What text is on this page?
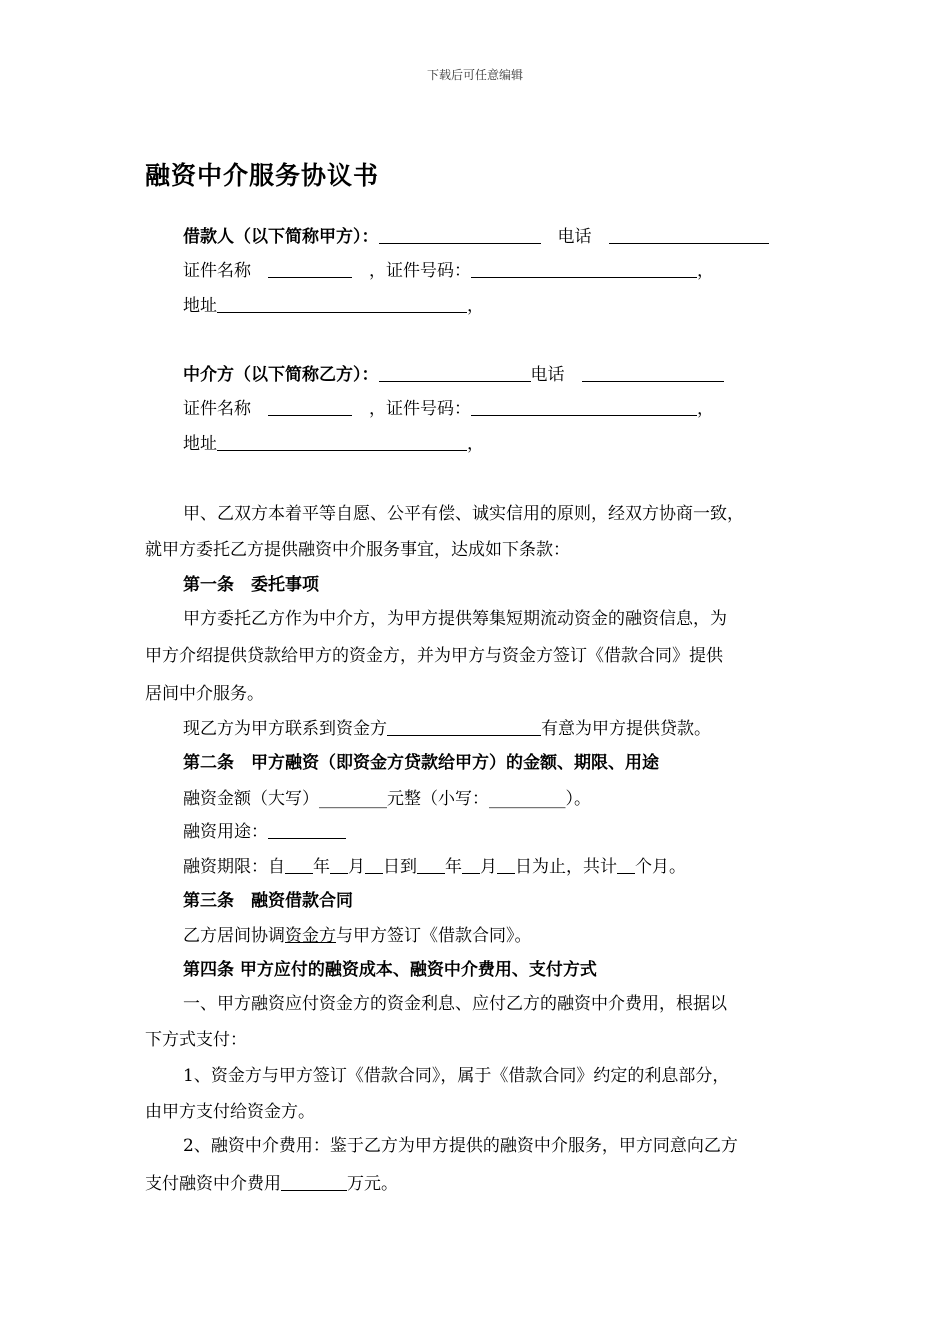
下载后可任意编辑
融资中介服务协议书
借款人（以下简称甲方）：　	电话　
证件名称　　	，证件号码：	，
地址	，
中介方（以下简称乙方）：	电话　
证件名称　　	，证件号码：	，
地址	，
甲、乙双方本着平等自愿、公平有偿、诚实信用的原则，经双方协商一致，
就甲方委托乙方提供融资中介服务事宜，达成如下条款：
第一条　委托事项
甲方委托乙方作为中介方，为甲方提供筹集短期流动资金的融资信息，为
甲方介绍提供贷款给甲方的资金方，并为甲方与资金方签订《借款合同》提供
居间中介服务。
现乙方为甲方联系到资金方	有意为甲方提供贷款。
第二条　甲方融资（即资金方贷款给甲方）的金额、期限、用途
融资金额（大写）________元整（小写：_________）。
融资用途：
融资期限：自 年 月 日到 年 月 日为止，共计 个月。
第三条　融资借款合同
乙方居间协调资金方与甲方签订《借款合同》。
第四条 甲方应付的融资成本、融资中介费用、支付方式
一、甲方融资应付资金方的资金利息、应付乙方的融资中介费用，根据以
下方式支付：
1、资金方与甲方签订《借款合同》，属于《借款合同》约定的利息部分，
由甲方支付给资金方。
2、融资中介费用：鉴于乙方为甲方提供的融资中介服务，甲方同意向乙方
支付融资中介费用	万元。
